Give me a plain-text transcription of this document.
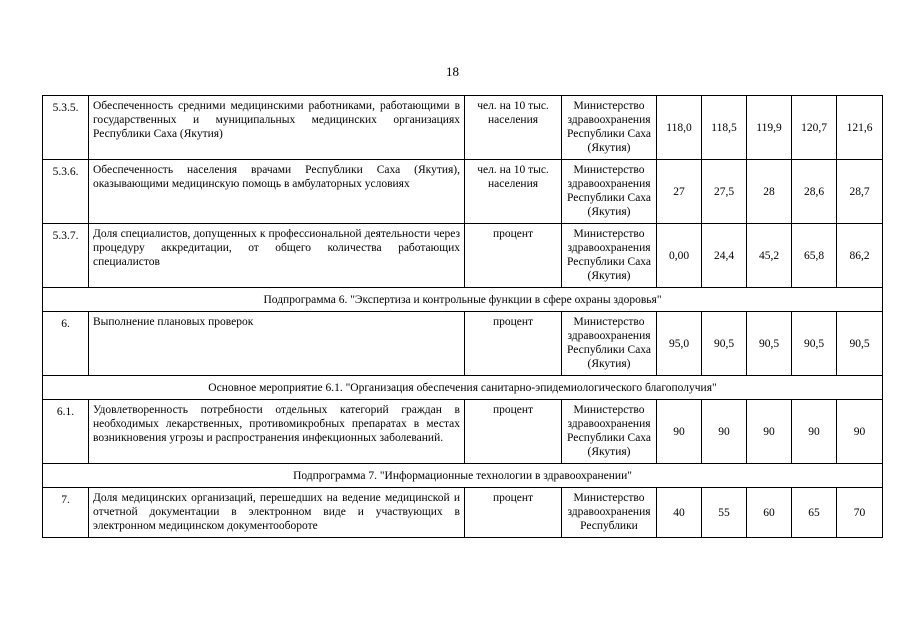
18
5.3.5.	Обеспеченность средними медицинскими работниками, работающими в государственных и муниципальных медицинских организациях Республики Саха (Якутия)	чел. на 10 тыс. населения	Министерство здравоохранения Республики Саха (Якутия)	118,0	118,5	119,9	120,7	121,6
5.3.6.	Обеспеченность населения врачами Республики Саха (Якутия), оказывающими медицинскую помощь в амбулаторных условиях	чел. на 10 тыс. населения	Министерство здравоохранения Республики Саха (Якутия)	27	27,5	28	28,6	28,7
5.3.7.	Доля специалистов, допущенных к профессиональной деятельности через процедуру аккредитации, от общего количества работающих специалистов	процент	Министерство здравоохранения Республики Саха (Якутия)	0,00	24,4	45,2	65,8	86,2
Подпрограмма 6. "Экспертиза и контрольные функции в сфере охраны здоровья"								
6.	Выполнение плановых проверок	процент	Министерство здравоохранения Республики Саха (Якутия)	95,0	90,5	90,5	90,5	90,5
Основное мероприятие 6.1. "Организация обеспечения санитарно-эпидемиологического благополучия"								
6.1.	Удовлетворенность потребности отдельных категорий граждан в необходимых лекарственных, противомикробных препаратах в местах возникновения угрозы и распространения инфекционных заболеваний.	процент	Министерство здравоохранения Республики Саха (Якутия)	90	90	90	90	90
Подпрограмма 7. "Информационные технологии в здравоохранении"								
7.	Доля медицинских организаций, перешедших на ведение медицинской и отчетной документации в электронном виде и участвующих в электронном медицинском документообороте	процент	Министерство здравоохранения Республики	40	55	60	65	70
